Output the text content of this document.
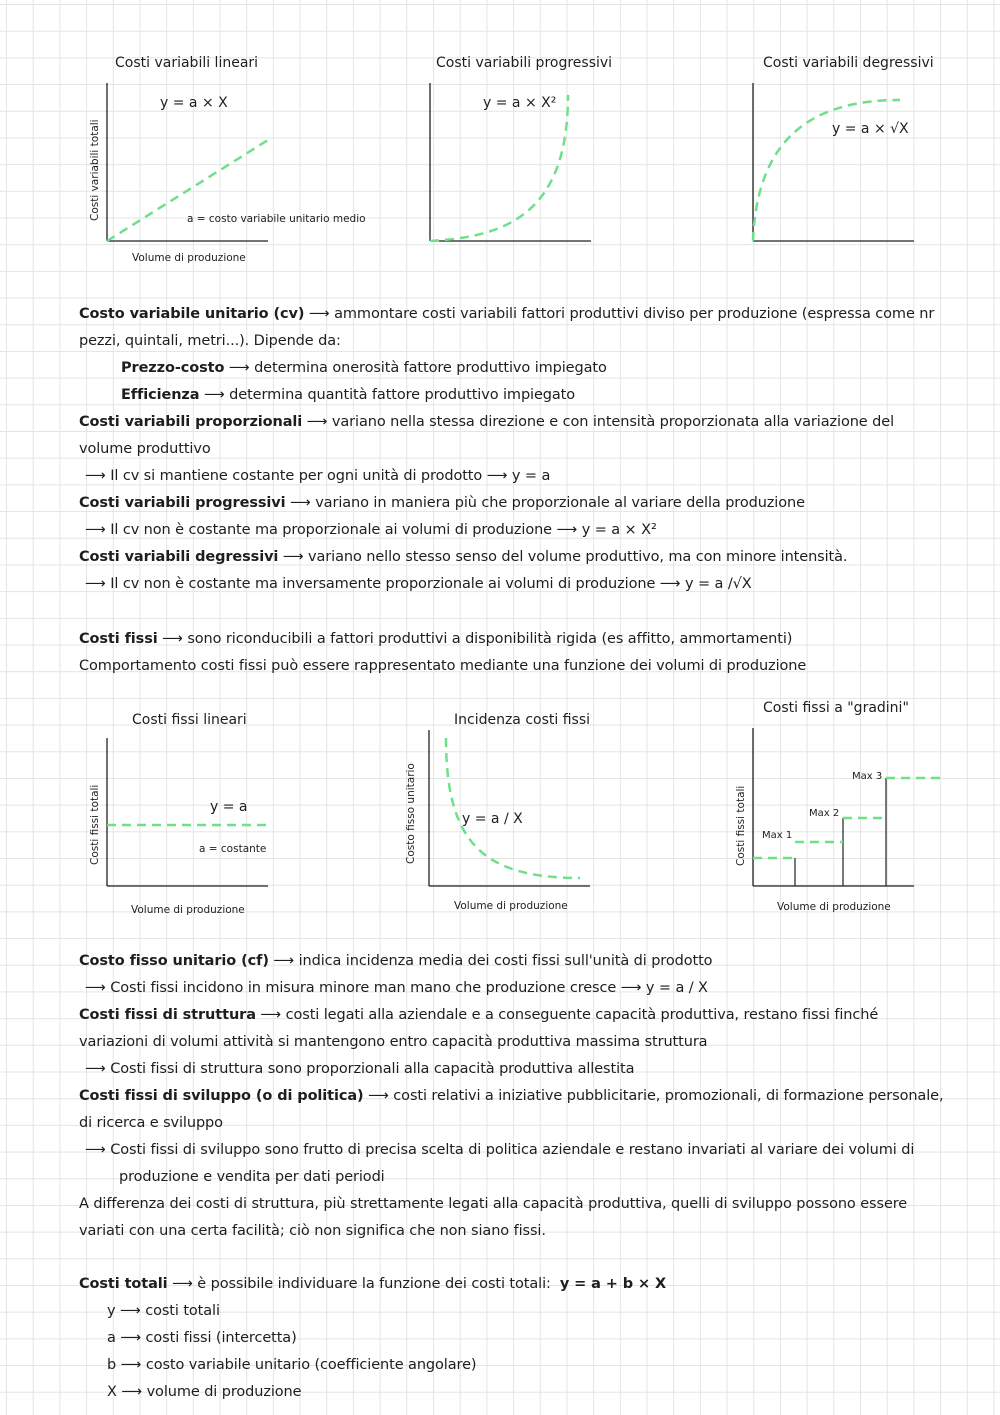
Costi variabili lineari
y = a × X
a = costo variabile unitario medio
Costi variabili totali
Volume di produzione
Costi variabili progressivi
y = a × X²
Costi variabili degressivi
y = a × √X

Costo variabile unitario (cv) ⟶ ammontare costi variabili fattori produttivi diviso per produzione (espressa come nr pezzi, quintali, metri...). Dipende da:

Prezzo-costo ⟶ determina onerosità fattore produttivo impiegato

Efficienza ⟶ determina quantità fattore produttivo impiegato

Costi variabili proporzionali ⟶ variano nella stessa direzione e con intensità proporzionata alla variazione del volume produttivo

⟶ Il cv si mantiene costante per ogni unità di prodotto ⟶ y = a

Costi variabili progressivi ⟶ variano in maniera più che proporzionale al variare della produzione

⟶ Il cv non è costante ma proporzionale ai volumi di produzione ⟶ y = a × X²

Costi variabili degressivi ⟶ variano nello stesso senso del volume produttivo, ma con minore intensità.

⟶ Il cv non è costante ma inversamente proporzionale ai volumi di produzione ⟶ y = a /√X

Costi fissi ⟶ sono riconducibili a fattori produttivi a disponibilità rigida (es affitto, ammortamenti)

Comportamento costi fissi può essere rappresentato mediante una funzione dei volumi di produzione

Costi fissi lineari
y = a
a = costante
Costi fissi totali
Volume di produzione
Incidenza costi fissi
y = a / X
Costo fisso unitario
Volume di produzione
Costi fissi a "gradini"
Max 1
Max 2
Max 3
Costi fissi totali
Volume di produzione

Costo fisso unitario (cf) ⟶ indica incidenza media dei costi fissi sull'unità di prodotto

⟶ Costi fissi incidono in misura minore man mano che produzione cresce ⟶ y = a / X

Costi fissi di struttura ⟶ costi legati alla aziendale e a conseguente capacità produttiva, restano fissi finché variazioni di volumi attività si mantengono entro capacità produttiva massima struttura

⟶ Costi fissi di struttura sono proporzionali alla capacità produttiva allestita

Costi fissi di sviluppo (o di politica) ⟶ costi relativi a iniziative pubblicitarie, promozionali, di formazione personale, di ricerca e sviluppo

⟶ Costi fissi di sviluppo sono frutto di precisa scelta di politica aziendale e restano invariati al variare dei volumi di produzione e vendita per dati periodi

A differenza dei costi di struttura, più strettamente legati alla capacità produttiva, quelli di sviluppo possono essere variati con una certa facilità; ciò non significa che non siano fissi.

Costi totali ⟶ è possibile individuare la funzione dei costi totali: y = a + b × X

y ⟶ costi totali

a ⟶ costi fissi (intercetta)

b ⟶ costo variabile unitario (coefficiente angolare)

X ⟶ volume di produzione
